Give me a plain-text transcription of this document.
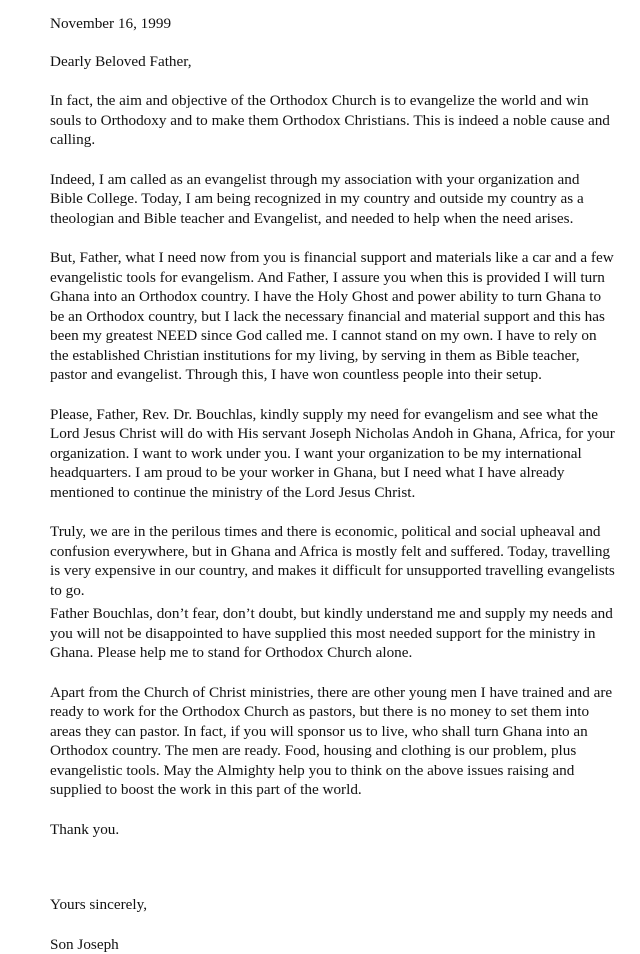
November 16, 1999

Dearly Beloved Father,

In fact, the aim and objective of the Orthodox Church is to evangelize the world and win souls to Orthodoxy and to make them Orthodox Christians. This is indeed a noble cause and calling.

Indeed, I am called as an evangelist through my association with your organization and Bible College. Today, I am being recognized in my country and outside my country as a theologian and Bible teacher and Evangelist, and needed to help when the need arises.

But, Father, what I need now from you is financial support and materials like a car and a few evangelistic tools for evangelism. And Father, I assure you when this is provided I will turn Ghana into an Orthodox country. I have the Holy Ghost and power ability to turn Ghana to be an Orthodox country, but I lack the necessary financial and material support and this has been my greatest NEED since God called me. I cannot stand on my own. I have to rely on the established Christian institutions for my living, by serving in them as Bible teacher, pastor and evangelist. Through this, I have won countless people into their setup.

Please, Father, Rev. Dr. Bouchlas, kindly supply my need for evangelism and see what the Lord Jesus Christ will do with His servant Joseph Nicholas Andoh in Ghana, Africa, for your organization. I want to work under you. I want your organization to be my international headquarters. I am proud to be your worker in Ghana, but I need what I have already mentioned to continue the ministry of the Lord Jesus Christ.

Truly, we are in the perilous times and there is economic, political and social upheaval and confusion everywhere, but in Ghana and Africa is mostly felt and suffered. Today, travelling is very expensive in our country, and makes it difficult for unsupported travelling evangelists to go.

Father Bouchlas, don’t fear, don’t doubt, but kindly understand me and supply my needs and you will not be disappointed to have supplied this most needed support for the ministry in Ghana. Please help me to stand for Orthodox Church alone.

Apart from the Church of Christ ministries, there are other young men I have trained and are ready to work for the Orthodox Church as pastors, but there is no money to set them into areas they can pastor. In fact, if you will sponsor us to live, who shall turn Ghana into an Orthodox country. The men are ready. Food, housing and clothing is our problem, plus evangelistic tools. May the Almighty help you to think on the above issues raising and supplied to boost the work in this part of the world.

Thank you.

Yours sincerely,

Son Joseph
